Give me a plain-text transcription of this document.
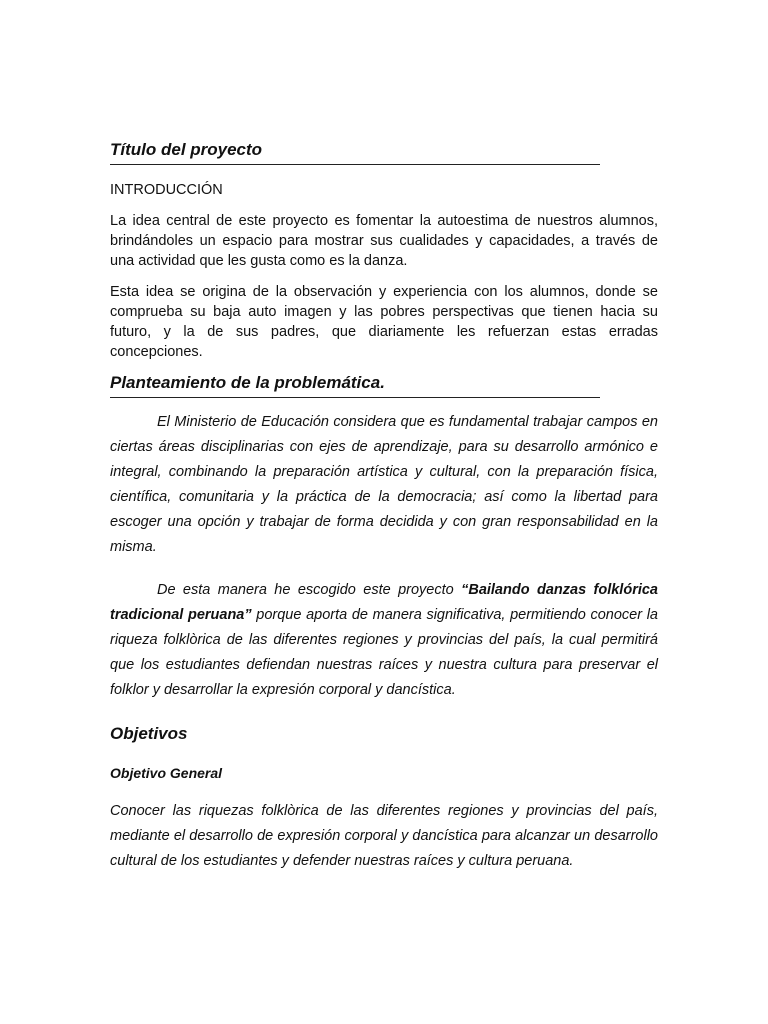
Título del proyecto
INTRODUCCIÓN

La idea central de este proyecto es fomentar la autoestima de nuestros alumnos, brindándoles un espacio para mostrar sus cualidades y capacidades, a través de una actividad que les gusta como es la danza.

Esta idea se origina de la observación y experiencia con los alumnos, donde se comprueba su baja auto imagen y las pobres perspectivas que tienen hacia su futuro, y la de sus padres, que diariamente les refuerzan estas erradas concepciones.

Planteamiento de la problemática.

El Ministerio de Educación considera que es fundamental trabajar campos en ciertas áreas disciplinarias con ejes de aprendizaje, para su desarrollo armónico e integral, combinando la preparación artística y cultural, con la preparación física, científica, comunitaria y la práctica de la democracia; así como la libertad para escoger una opción y trabajar de forma decidida y con gran responsabilidad en la misma.

De esta manera he escogido este proyecto “Bailando danzas folklórica tradicional peruana” porque aporta de manera significativa, permitiendo conocer la riqueza folklòrica de las diferentes regiones y provincias del país, la cual permitirá que los estudiantes defiendan nuestras raíces y nuestra cultura para preservar el folklor y desarrollar la expresión corporal y dancística.

Objetivos
Objetivo General

Conocer las riquezas folklòrica de las diferentes regiones y provincias del país, mediante el desarrollo de expresión corporal y dancística para alcanzar un desarrollo cultural de los estudiantes y defender nuestras raíces y cultura peruana.
